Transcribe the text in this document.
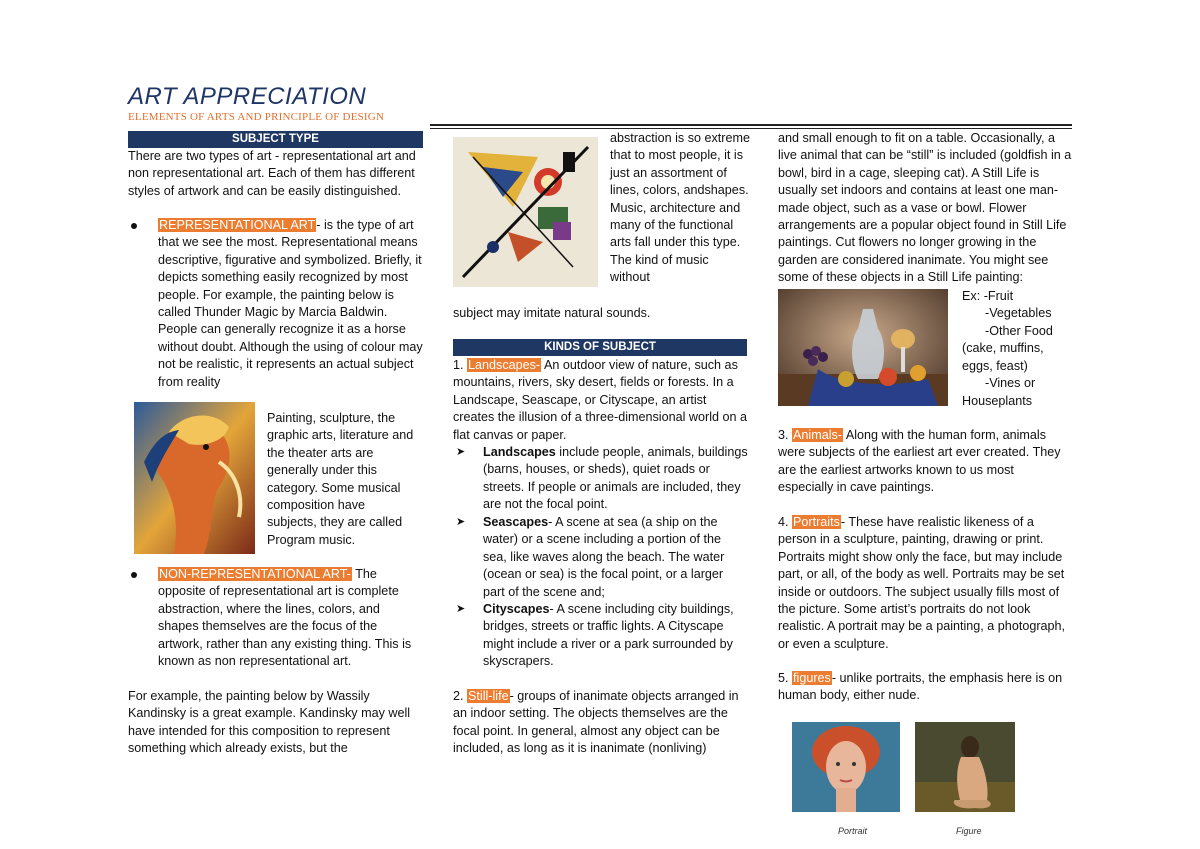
ART APPRECIATION
ELEMENTS OF ARTS AND PRINCIPLE OF DESIGN
SUBJECT TYPE

There are two types of art - representational art and non representational art. Each of them has different styles of artwork and can be easily distinguished.

REPRESENTATIONAL ART- is the type of art that we see the most. Representational means descriptive, figurative and symbolized. Briefly, it depicts something easily recognized by most people. For example, the painting below is called Thunder Magic by Marcia Baldwin. People can generally recognize it as a horse without doubt. Although the using of colour may not be realistic, it represents an actual subject from reality

Painting, sculpture, the graphic arts, literature and the theater arts are generally under this category. Some musical composition have subjects, they are called Program music.

NON-REPRESENTATIONAL ART- The opposite of representational art is complete abstraction, where the lines, colors, and shapes themselves are the focus of the artwork, rather than any existing thing. This is known as non representational art.

For example, the painting below by Wassily Kandinsky is a great example. Kandinsky may well have intended for this composition to represent something which already exists, but the

abstraction is so extreme that to most people, it is just an assortment of lines, colors, andshapes. Music, architecture and many of the functional arts fall under this type. The kind of music without

subject may imitate natural sounds.

KINDS OF SUBJECT

1. Landscapes- An outdoor view of nature, such as mountains, rivers, sky desert, fields or forests. In a Landscape, Seascape, or Cityscape, an artist creates the illusion of a three-dimensional world on a flat canvas or paper.

➤ Landscapes include people, animals, buildings (barns, houses, or sheds), quiet roads or streets. If people or animals are included, they are not the focal point.

➤ Seascapes- A scene at sea (a ship on the water) or a scene including a portion of the sea, like waves along the beach. The water (ocean or sea) is the focal point, or a larger part of the scene and;

➤ Cityscapes- A scene including city buildings, bridges, streets or traffic lights. A Cityscape might include a river or a park surrounded by skyscrapers.

2. Still-life- groups of inanimate objects arranged in an indoor setting. The objects themselves are the focal point. In general, almost any object can be included, as long as it is inanimate (nonliving)

and small enough to fit on a table. Occasionally, a live animal that can be “still” is included (goldfish in a bowl, bird in a cage, sleeping cat). A Still Life is usually set indoors and contains at least one man-made object, such as a vase or bowl. Flower arrangements are a popular object found in Still Life paintings. Cut flowers no longer growing in the garden are considered inanimate. You might see some of these objects in a Still Life painting:

Ex: -Fruit

-Vegetables

-Other Food

(cake, muffins,

eggs, feast)

-Vines or

Houseplants

3. Animals- Along with the human form, animals were subjects of the earliest art ever created. They are the earliest artworks known to us most especially in cave paintings.

4. Portraits- These have realistic likeness of a person in a sculpture, painting, drawing or print. Portraits might show only the face, but may include part, or all, of the body as well. Portraits may be set inside or outdoors. The subject usually fills most of the picture. Some artist’s portraits do not look realistic. A portrait may be a painting, a photograph, or even a sculpture.

5. figures- unlike portraits, the emphasis here is on human body, either nude.

Portrait	Figure
